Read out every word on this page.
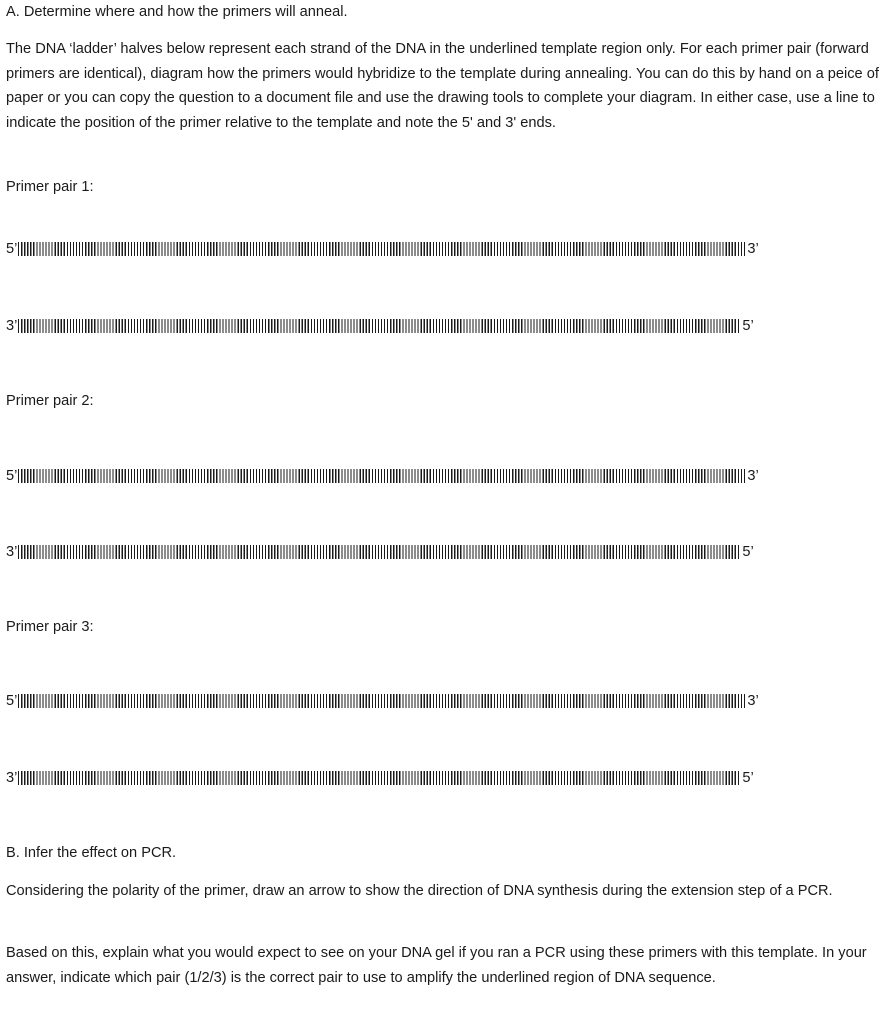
A. Determine where and how the primers will anneal.

The DNA ‘ladder’ halves below represent each strand of the DNA in the underlined template region only. For each primer pair (forward primers are identical), diagram how the primers would hybridize to the template during annealing. You can do this by hand on a peice of paper or you can copy the question to a document file and use the drawing tools to complete your diagram. In either case, use a line to indicate the position of the primer relative to the template and note the 5' and 3' ends.

Primer pair 1:

5’	3’
3’	5’

Primer pair 2:

5’	3’
3’	5’

Primer pair 3:

5’	3’
3’	5’

B. Infer the effect on PCR.

Considering the polarity of the primer, draw an arrow to show the direction of DNA synthesis during the extension step of a PCR.

Based on this, explain what you would expect to see on your DNA gel if you ran a PCR using these primers with this template. In your answer, indicate which pair (1/2/3) is the correct pair to use to amplify the underlined region of DNA sequence.
